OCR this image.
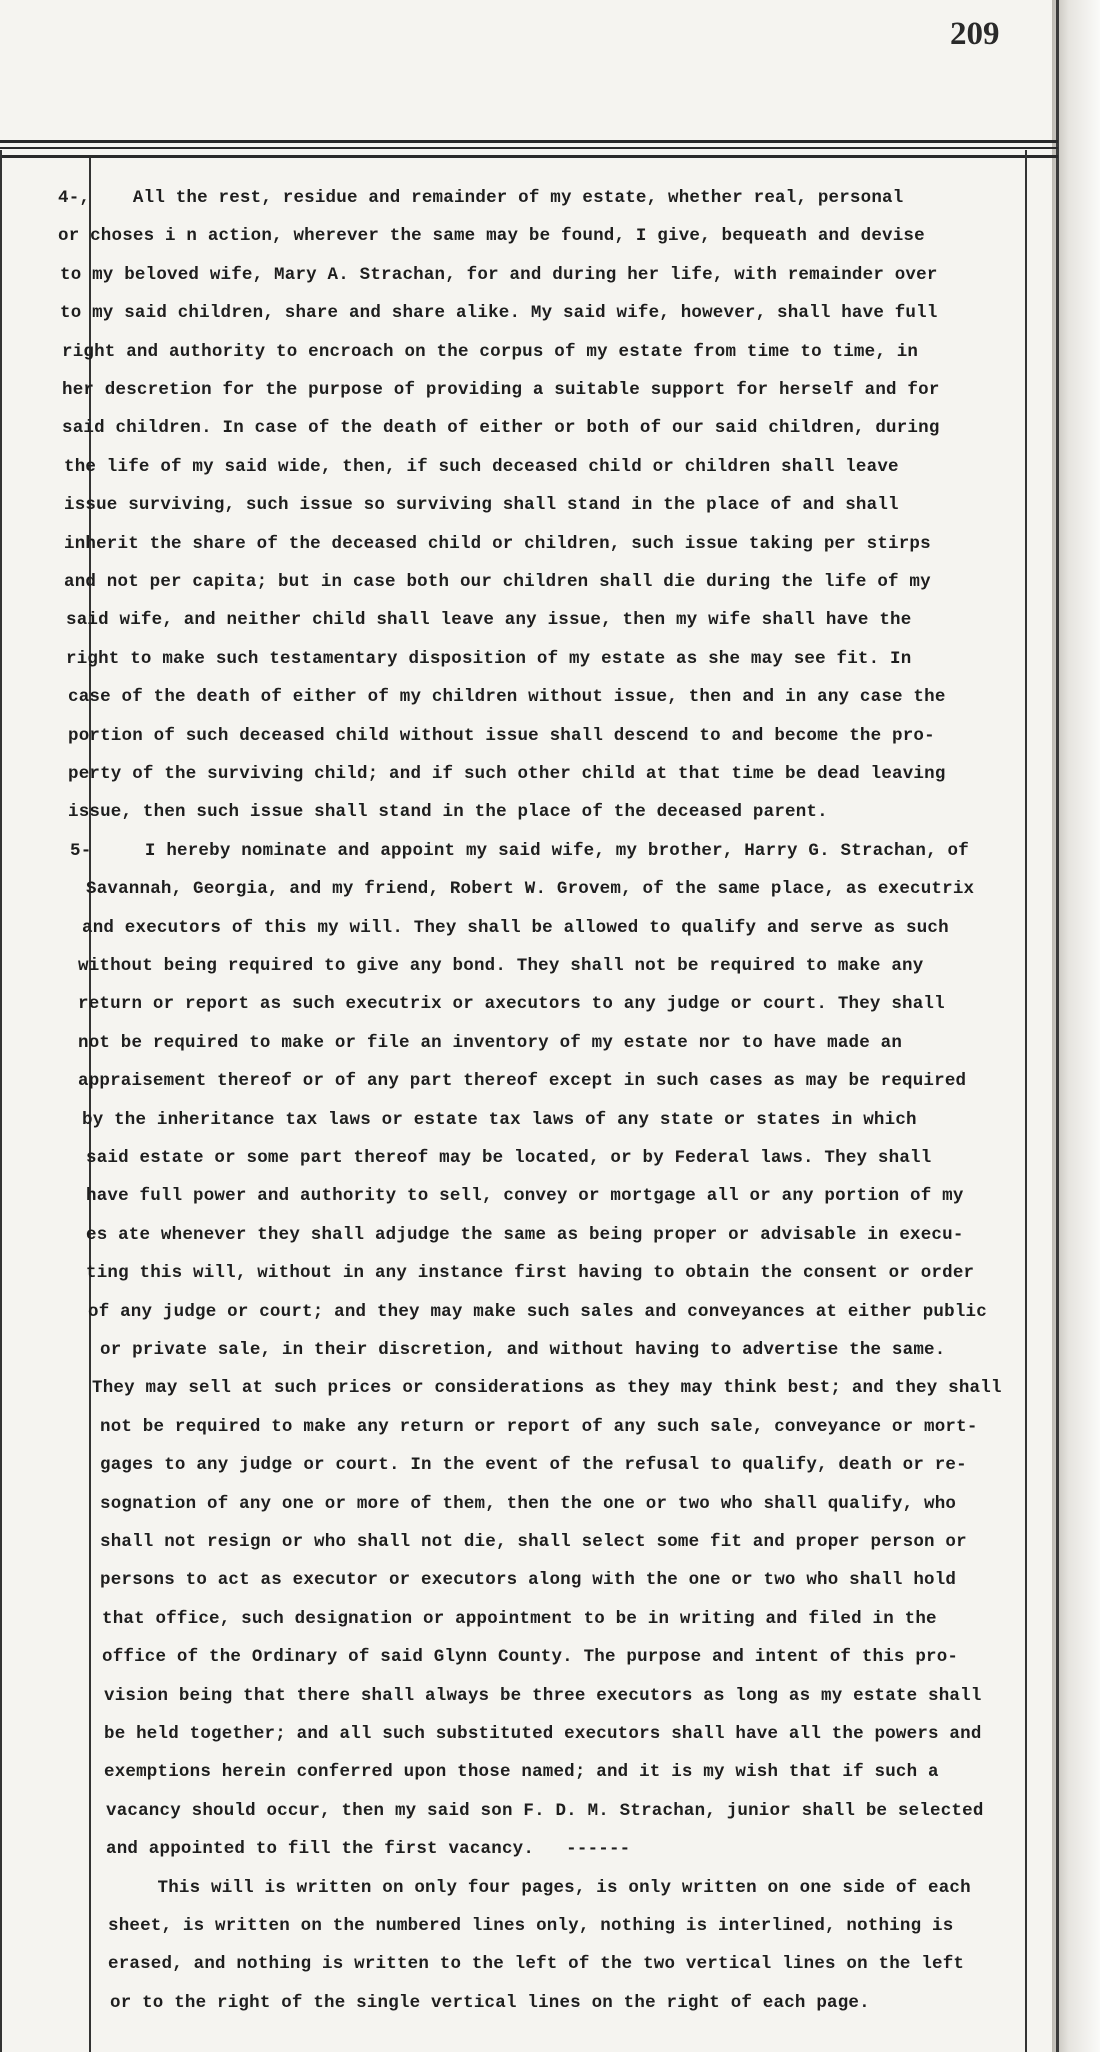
209
4-,    All the rest, residue and remainder of my estate, whether real, personal
or choses i n action, wherever the same may be found, I give, bequeath and devise
to my beloved wife, Mary A. Strachan, for and during her life, with remainder over
to my said children, share and share alike. My said wife, however, shall have full
right and authority to encroach on the corpus of my estate from time to time, in
her descretion for the purpose of providing a suitable support for herself and for
said children. In case of the death of either or both of our said children, during
the life of my said wide, then, if such deceased child or children shall leave
issue surviving, such issue so surviving shall stand in the place of and shall
inherit the share of the deceased child or children, such issue taking per stirps
and not per capita; but in case both our children shall die during the life of my
said wife, and neither child shall leave any issue, then my wife shall have the
right to make such testamentary disposition of my estate as she may see fit. In
case of the death of either of my children without issue, then and in any case the
portion of such deceased child without issue shall descend to and become the pro-
perty of the surviving child; and if such other child at that time be dead leaving
issue, then such issue shall stand in the place of the deceased parent.
5-     I hereby nominate and appoint my said wife, my brother, Harry G. Strachan, of
Savannah, Georgia, and my friend, Robert W. Grovem, of the same place, as executrix
and executors of this my will. They shall be allowed to qualify and serve as such
without being required to give any bond. They shall not be required to make any
return or report as such executrix or axecutors to any judge or court. They shall
not be required to make or file an inventory of my estate nor to have made an
appraisement thereof or of any part thereof except in such cases as may be required
by the inheritance tax laws or estate tax laws of any state or states in which
said estate or some part thereof may be located, or by Federal laws. They shall
have full power and authority to sell, convey or mortgage all or any portion of my
es ate whenever they shall adjudge the same as being proper or advisable in execu-
ting this will, without in any instance first having to obtain the consent or order
of any judge or court; and they may make such sales and conveyances at either public
or private sale, in their discretion, and without having to advertise the same.
They may sell at such prices or considerations as they may think best; and they shall
not be required to make any return or report of any such sale, conveyance or mort-
gages to any judge or court. In the event of the refusal to qualify, death or re-
sognation of any one or more of them, then the one or two who shall qualify, who
shall not resign or who shall not die, shall select some fit and proper person or
persons to act as executor or executors along with the one or two who shall hold
that office, such designation or appointment to be in writing and filed in the
office of the Ordinary of said Glynn County. The purpose and intent of this pro-
vision being that there shall always be three executors as long as my estate shall
be held together; and all such substituted executors shall have all the powers and
exemptions herein conferred upon those named; and it is my wish that if such a
vacancy should occur, then my said son F. D. M. Strachan, junior shall be selected
and appointed to fill the first vacancy.   ------
This will is written on only four pages, is only written on one side of each
sheet, is written on the numbered lines only, nothing is interlined, nothing is
erased, and nothing is written to the left of the two vertical lines on the left
or to the right of the single vertical lines on the right of each page.
